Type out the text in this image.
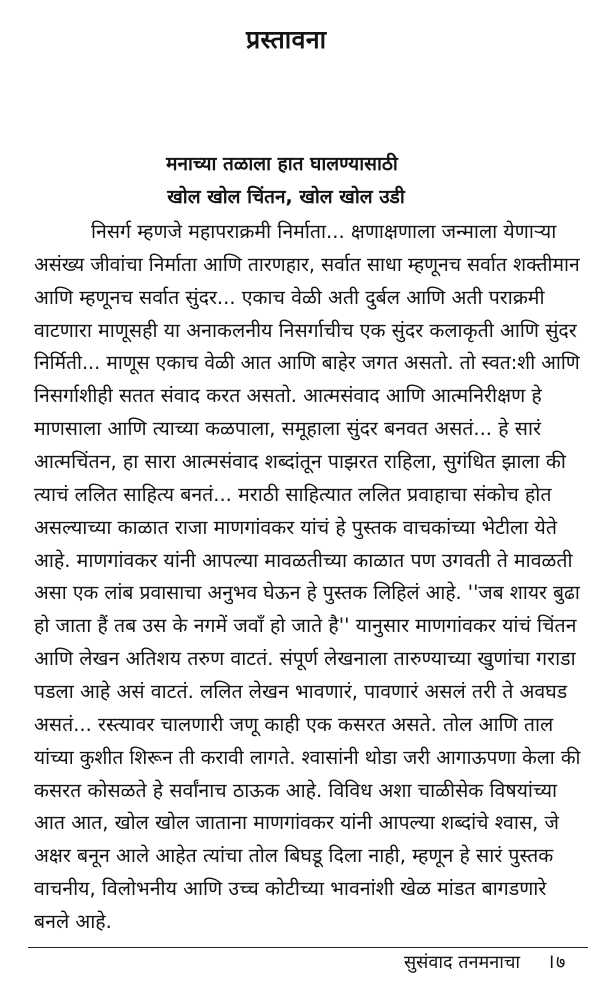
प्रस्तावना
मनाच्या तळाला हात घालण्यासाठी
खोल खोल चिंतन, खोल खोल उडी
निसर्ग म्हणजे महापराक्रमी निर्माता... क्षणाक्षणाला जन्माला येणाऱ्या
असंख्य जीवांचा निर्माता आणि तारणहार, सर्वात साधा म्हणूनच सर्वात शक्तीमान
आणि म्हणूनच सर्वात सुंदर... एकाच वेळी अती दुर्बल आणि अती पराक्रमी
वाटणारा माणूसही या अनाकलनीय निसर्गाचीच एक सुंदर कलाकृती आणि सुंदर
निर्मिती... माणूस एकाच वेळी आत आणि बाहेर जगत असतो. तो स्वत:शी आणि
निसर्गाशीही सतत संवाद करत असतो. आत्मसंवाद आणि आत्मनिरीक्षण हे
माणसाला आणि त्याच्या कळपाला, समूहाला सुंदर बनवत असतं... हे सारं
आत्मचिंतन, हा सारा आत्मसंवाद शब्दांतून पाझरत राहिला, सुगंधित झाला की
त्याचं ललित साहित्य बनतं... मराठी साहित्यात ललित प्रवाहाचा संकोच होत
असल्याच्या काळात राजा माणगांवकर यांचं हे पुस्तक वाचकांच्या भेटीला येते
आहे. माणगांवकर यांनी आपल्या मावळतीच्या काळात पण उगवती ते मावळती
असा एक लांब प्रवासाचा अनुभव घेऊन हे पुस्तक लिहिलं आहे. ''जब शायर बुढा
हो जाता हैं तब उस के नगमें जवाँ हो जाते है'' यानुसार माणगांवकर यांचं चिंतन
आणि लेखन अतिशय तरुण वाटतं. संपूर्ण लेखनाला तारुण्याच्या खुणांचा गराडा
पडला आहे असं वाटतं. ललित लेखन भावणारं, पावणारं असलं तरी ते अवघड
असतं... रस्त्यावर चालणारी जणू काही एक कसरत असते. तोल आणि ताल
यांच्या कुशीत शिरून ती करावी लागते. श्वासांनी थोडा जरी आगाऊपणा केला की
कसरत कोसळते हे सर्वांनाच ठाऊक आहे. विविध अशा चाळीसेक विषयांच्या
आत आत, खोल खोल जाताना माणगांवकर यांनी आपल्या शब्दांचे श्वास, जे
अक्षर बनून आले आहेत त्यांचा तोल बिघडू दिला नाही, म्हणून हे सारं पुस्तक
सुसंवाद तनमनाचा । ७
वाचनीय, विलोभनीय आणि उच्च कोटीच्या भावनांशी खेळ मांडत बागडणारे
बनले आहे.
